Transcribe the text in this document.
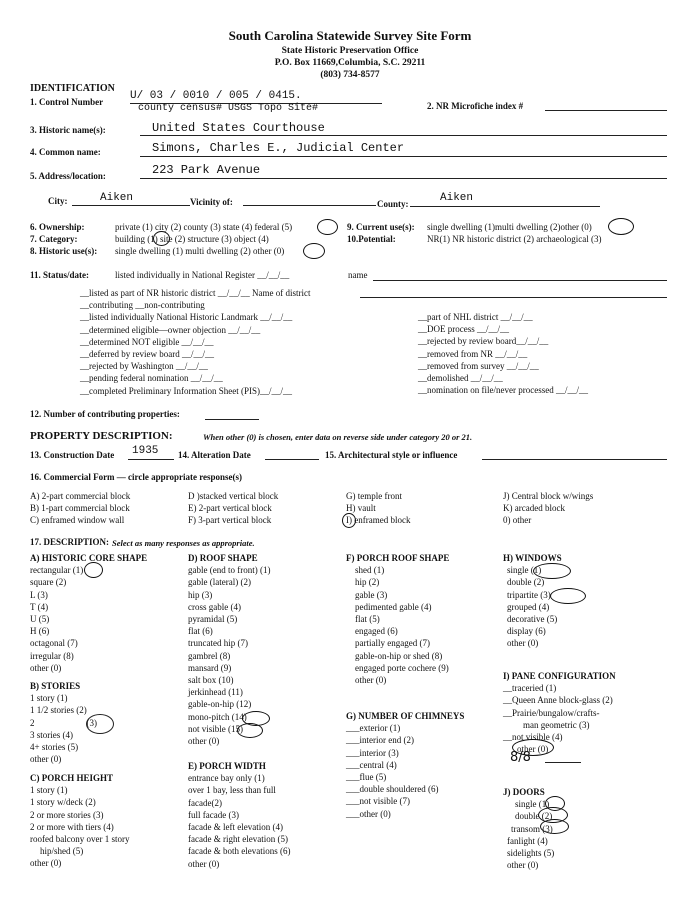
South Carolina Statewide Survey Site Form
State Historic Preservation Office
P.O. Box 11669,Columbia, S.C. 29211
(803) 734-8577
IDENTIFICATION
1. Control Number U/ 03 / 0010 / 005 / 0415.
county census# USGS Topo Site#	2. NR Microfiche index #
3. Historic name(s):	United States Courthouse
4. Common name:	Simons, Charles E., Judicial Center
5. Address/location:	223 Park Avenue
City:	Aiken	Vicinity of:	County:	Aiken
6. Ownership:	private (1) city (2) county (3) state (4) federal (5)
7. Category:	building (1) site (2) structure (3) object (4)
8. Historic use(s): single dwelling (1) multi dwelling (2) other (0)
9. Current use(s): single dwelling (1)multi dwelling (2)other (0)
10.Potential:	NR(1) NR historic district (2) archaeological (3)
11. Status/date:	listed individually in National Register __/__/__	name
__listed as part of NR historic district __/__/__ Name of district
__contributing __non-contributing
__listed individually National Historic Landmark __/__/__
__determined eligible—owner objection __/__/__
__determined NOT eligible __/__/__
__deferred by review board __/__/__
__rejected by Washington __/__/__
__pending federal nomination __/__/__
__completed Preliminary Information Sheet (PIS)__/__/__
__part of NHL district __/__/__
__DOE process __/__/__
__rejected by review board__/__/__
__removed from NR __/__/__
__removed from survey __/__/__
__demolished __/__/__
__nomination on file/never processed __/__/__
12. Number of contributing properties:
PROPERTY DESCRIPTION:	When other (0) is chosen, enter data on reverse side under category 20 or 21.
13. Construction Date 1935 14. Alteration Date	15. Architectural style or influence
16. Commercial Form — circle appropriate response(s)
A) 2-part commercial block
B) 1-part commercial block
C) enframed window wall
D )stacked vertical block
E) 2-part vertical block
F) 3-part vertical block
G) temple front
H) vault
I) enframed block
J) Central block w/wings
K) arcaded block
0) other
17. DESCRIPTION: Select as many responses as appropriate.
A) HISTORIC CORE SHAPE
rectangular (1)
square (2)
L (3)
T (4)
U (5)
H (6)
octagonal (7)
irregular (8)
other (0)
B) STORIES
1 story (1)
1 1/2 stories (2)
2	(3)
3 stories (4)
4+ stories (5)
other (0)
C) PORCH HEIGHT
1 story (1)
1 story w/deck (2)
2 or more stories (3)
2 or more with tiers (4)
roofed balcony over 1 story
hip/shed (5)
other (0)
D) ROOF SHAPE
gable (end to front) (1)
gable (lateral) (2)
hip (3)
cross gable (4)
pyramidal (5)
flat (6)
truncated hip (7)
gambrel (8)
mansard (9)
salt box (10)
jerkinhead (11)
gable-on-hip (12)
mono-pitch (14)
not visible (15)
other (0)
E) PORCH WIDTH
entrance bay only (1)
over 1 bay, less than full
facade(2)
full facade (3)
facade & left elevation (4)
facade & right elevation (5)
facade & both elevations (6)
other (0)
F) PORCH ROOF SHAPE
shed (1)
hip (2)
gable (3)
pedimented gable (4)
flat (5)
engaged (6)
partially engaged (7)
gable-on-hip or shed (8)
engaged porte cochere (9)
other (0)
G) NUMBER OF CHIMNEYS
___exterior (1)
___interior end (2)
___interior (3)
___central (4)
___flue (5)
___double shouldered (6)
___not visible (7)
___other (0)
H) WINDOWS
single (1)
double (2)
tripartite (3)
grouped (4)
decorative (5)
display (6)
other (0)
I) PANE CONFIGURATION
__traceried (1)
__Queen Anne block-glass (2)
__Prairie/bungalow/crafts-
man geometric (3)
__not visible (4)
other (0)
8/8
J) DOORS
single (1)
double (2)
transom (3)
fanlight (4)
sidelights (5)
other (0)
